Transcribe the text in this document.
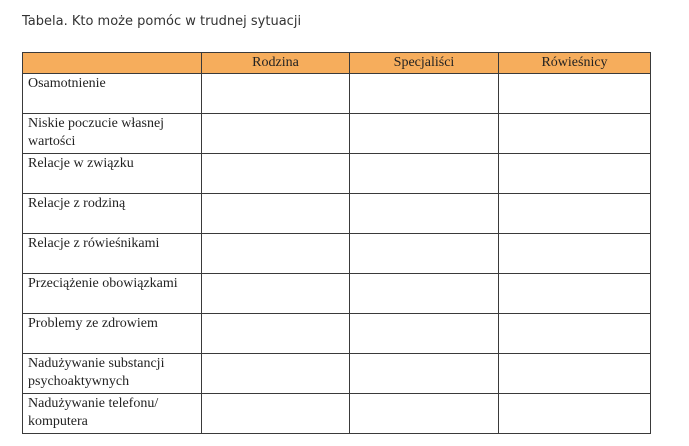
Tabela. Kto może pomóc w trudnej sytuacji
	Rodzina	Specjaliści	Rówieśnicy
Osamotnienie			
Niskie poczucie własnej wartości			
Relacje w związku			
Relacje z rodziną			
Relacje z rówieśnikami			
Przeciążenie obowiązkami			
Problemy ze zdrowiem			
Nadużywanie substancji psychoaktywnych			
Nadużywanie telefonu/ komputera			
